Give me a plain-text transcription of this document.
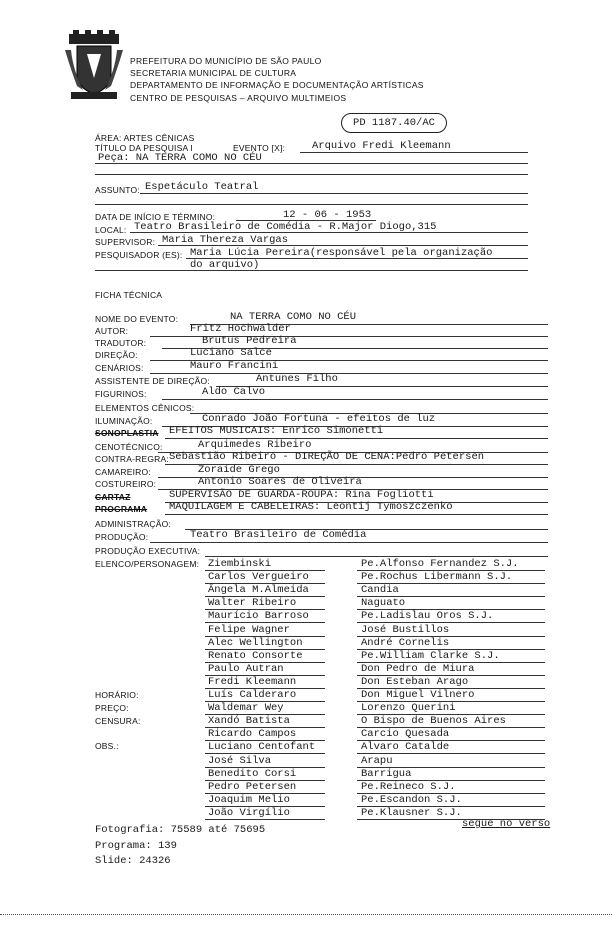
PREFEITURA DO MUNICÍPIO DE SÃO PAULO
SECRETARIA MUNICIPAL DE CULTURA
DEPARTAMENTO DE INFORMAÇÃO E DOCUMENTAÇÃO ARTÍSTICAS
CENTRO DE PESQUISAS – ARQUIVO MULTIMEIOS
PD 1187.40/AC
ÁREA: ARTES CÊNICAS
TÍTULO DA PESQUISA I	EVENTO [X]:	Arquivo Fredi Kleemann
Peça: NA TERRA COMO NO CÉU
ASSUNTO: Espetáculo Teatral
DATA DE INÍCIO E TÉRMINO:	12 - 06 - 1953
LOCAL: Teatro Brasileiro de Comédia - R.Major Diogo,315
SUPERVISOR: Maria Thereza Vargas
PESQUISADOR (ES): Maria Lúcia Pereira(responsável pela organização
do arquivo)
FICHA TÉCNICA
NOME DO EVENTO:	NA TERRA COMO NO CÉU
AUTOR:	Fritz Hochwälder
TRADUTOR:	Brutus Pedreira
DIREÇÃO:	Luciano Salce
CENÁRIOS:	Mauro Francini
ASSISTENTE DE DIREÇÃO:	Antunes Filho
FIGURINOS:	Aldo Calvo
ELEMENTOS CÊNICOS:
ILUMINAÇÃO:	Conrado João Fortuna - efeitos de luz
SONOPLASTIA EFEITOS MUSICAIS: Enrico Simonetti
CENOTÉCNICO:	Arquimedes Ribeiro
CONTRA-REGRA: Sebastião Ribeiro - DIREÇÃO DE CENA:Pedro Petersen
CAMAREIRO:	Zoraide Grego
COSTUREIRO:	Antonio Soares de Oliveira
CARTAZ	SUPERVISÃO DE GUARDA-ROUPA: Rina Fogliotti
PROGRAMA MAQUILAGEM E CABELEIRAS: Leontij Tymoszczenko
ADMINISTRAÇÃO:
PRODUÇÃO:	Teatro Brasileiro de Comédia
PRODUÇÃO EXECUTIVA:
ELENCO/PERSONAGEM: Ziembinski	Pe.Alfonso Fernandez S.J.
Carlos Vergueiro	Pe.Rochus Libermann S.J.
Ângela M.Almeida	Candia
Walter Ribeiro	Naguato
Maurício Barroso	Pe.Ladislau Oros S.J.
Felipe Wagner	José Bustillos
Alec Wellington	André Cornelis
Renato Consorte	Pe.William Clarke S.J.
Paulo Autran	Don Pedro de Miura
Fredi Kleemann	Don Esteban Arago
Luís Calderaro	Don Miguel Vilnero
Waldemar Wey	Lorenzo Querini
Xandó Batista	O Bispo de Buenos Aires
Ricardo Campos	Carcio Quesada
Luciano Centofant	Alvaro Catalde
José Silva	Arapu
Benedito Corsi	Barrigua
Pedro Petersen	Pe.Reineco S.J.
Joaquim Melio	Pe.Escandon S.J.
João Virgílio	Pe.Klausner S.J.
HORÁRIO:
PREÇO:
CENSURA:
OBS.:
segue no verso
Fotografia: 75589 até 75695
Programa: 139
Slide: 24326
